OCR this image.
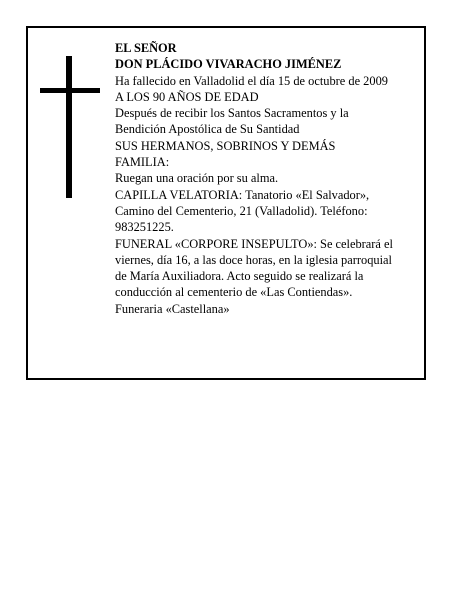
EL SEÑOR
DON PLÁCIDO VIVARACHO JIMÉNEZ
Ha fallecido en Valladolid el día 15 de octubre de 2009
A LOS 90 AÑOS DE EDAD
Después de recibir los Santos Sacramentos y la
Bendición Apostólica de Su Santidad
SUS HERMANOS, SOBRINOS Y DEMÁS
FAMILIA:
Ruegan una oración por su alma.
CAPILLA VELATORIA: Tanatorio «El Salvador»,
Camino del Cementerio, 21 (Valladolid). Teléfono:
983251225.
FUNERAL «CORPORE INSEPULTO»: Se celebrará el
viernes, día 16, a las doce horas, en la iglesia parroquial
de María Auxiliadora. Acto seguido se realizará la
conducción al cementerio de «Las Contiendas».
Funeraria «Castellana»
